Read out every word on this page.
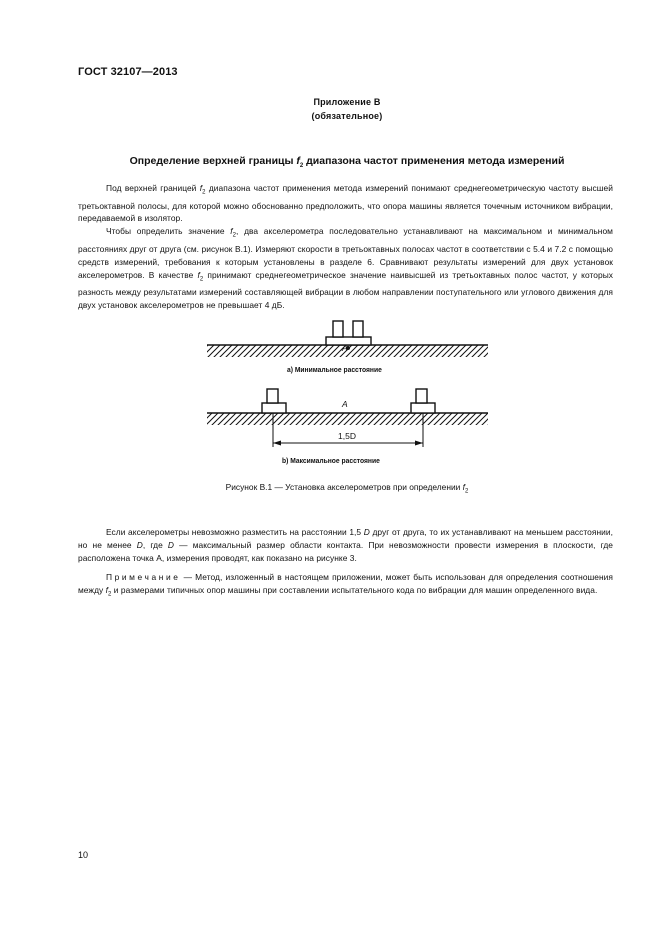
ГОСТ 32107—2013
Приложение В
(обязательное)
Определение верхней границы $f_2$ диапазона частот применения метода измерений

Под верхней границей $f_2$ диапазона частот применения метода измерений понимают среднегеометрическую частоту высшей третьоктавной полосы, для которой можно обоснованно предположить, что опора машины является точечным источником вибрации, передаваемой в изолятор.

Чтобы определить значение $f_2$, два акселерометра последовательно устанавливают на максимальном и минимальном расстояниях друг от друга (см. рисунок В.1). Измеряют скорости в третьоктавных полосах частот в соответствии с 5.4 и 7.2 с помощью средств измерений, требования к которым установлены в разделе 6. Сравнивают результаты измерений для двух установок акселерометров. В качестве $f_2$ принимают среднегеометрическое значение наивысшей из третьоктавных полос частот, у которых разность между результатами измерений составляющей вибрации в любом направлении поступательного или углового движения для двух установок акселерометров не превышает 4 дБ.

A
а) Минимальное расстояние
A
1,5D
b) Максимальное расстояние
Рисунок В.1 — Установка акселерометров при определении $f_2$

Если акселерометры невозможно разместить на расстоянии 1,5 D друг от друга, то их устанавливают на меньшем расстоянии, но не менее D, где D — максимальный размер области контакта. При невозможности провести измерения в плоскости, где расположена точка А, измерения проводят, как показано на рисунке 3.

Примечание — Метод, изложенный в настоящем приложении, может быть использован для определения соотношения между $f_2$ и размерами типичных опор машины при составлении испытательного кода по вибрации для машин определенного вида.

10
